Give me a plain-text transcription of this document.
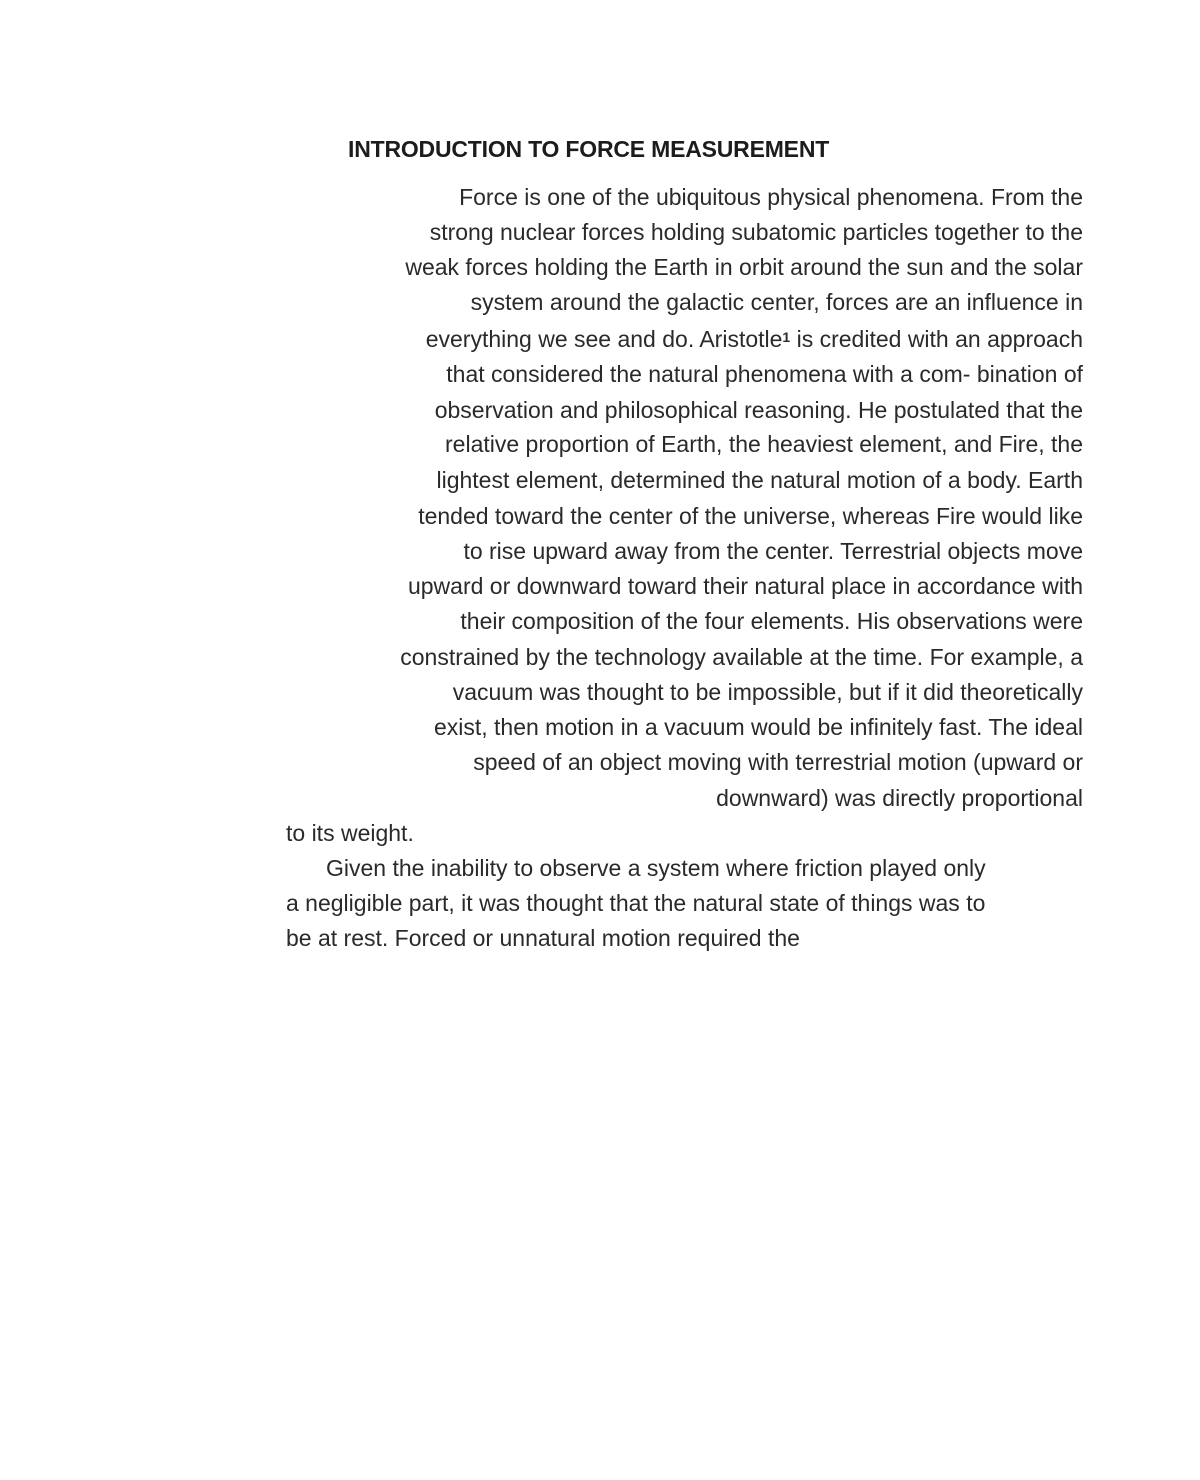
INTRODUCTION TO FORCE MEASUREMENT
Force is one of the ubiquitous physical phenomena. From the
strong nuclear forces holding subatomic particles together to the
weak forces holding the Earth in orbit around the sun and the solar
system around the galactic center, forces are an influence in
everything we see and do. Aristotle$^1$ is credited with an approach
that considered the natural phenomena with a com- bination of
observation and philosophical reasoning. He postulated that the
relative proportion of Earth, the heaviest element, and Fire, the
lightest element, determined the natural motion of a body. Earth
tended toward the center of the universe, whereas Fire would like
to rise upward away from the center. Terrestrial objects move
upward or downward toward their natural place in accordance with
their composition of the four elements. His observations were
constrained by the technology available at the time. For example, a
vacuum was thought to be impossible, but if it did theoretically
exist, then motion in a vacuum would be infinitely fast. The ideal
speed of an object moving with terrestrial motion (upward or
downward) was directly proportional
to its weight.
Given the inability to observe a system where friction played only
a negligible part, it was thought that the natural state of things was to
be at rest. Forced or unnatural motion required the
